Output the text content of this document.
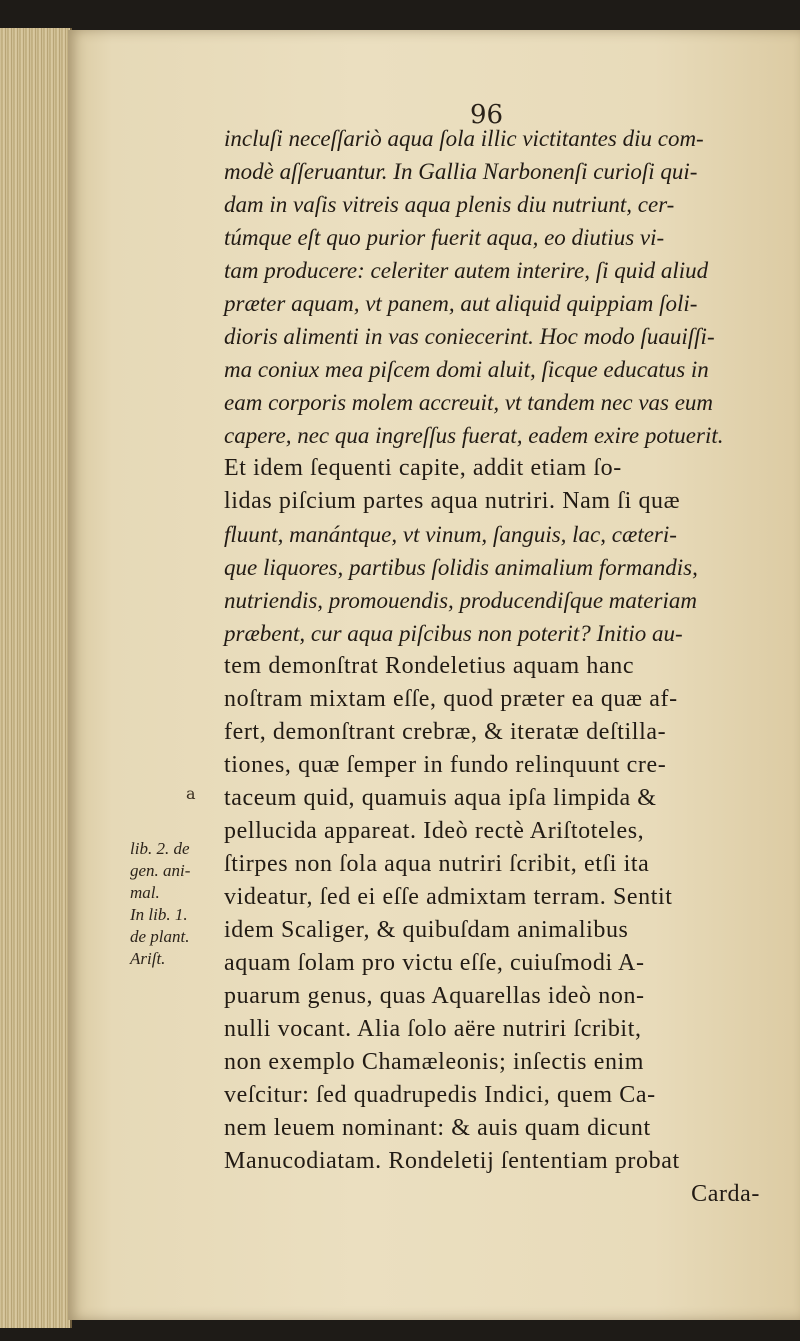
96
incluſi neceſſariò aqua ſola illic victitantes diu com-
modè aſſeruantur. In Gallia Narbonenſi curioſi qui-
dam in vaſis vitreis aqua plenis diu nutriunt, cer-
túmque eſt quo purior fuerit aqua, eo diutius vi-
tam producere: celeriter autem interire, ſi quid aliud
præter aquam, vt panem, aut aliquid quippiam ſoli-
dioris alimenti in vas coniecerint. Hoc modo ſuauiſſi-
ma coniux mea piſcem domi aluit, ſicque educatus in
eam corporis molem accreuit, vt tandem nec vas eum
capere, nec qua ingreſſus fuerat, eadem exire potuerit.
Et idem ſequenti capite, addit etiam ſo-
lidas piſcium partes aqua nutriri. Nam ſi quæ
fluunt, manántque, vt vinum, ſanguis, lac, cæteri-
que liquores, partibus ſolidis animalium formandis,
nutriendis, promouendis, producendiſque materiam
præbent, cur aqua piſcibus non poterit? Initio au-
tem demonſtrat Rondeletius aquam hanc
noſtram mixtam eſſe, quod præter ea quæ af-
fert, demonſtrant crebræ, & iteratæ deſtilla-
tiones, quæ ſemper in fundo relinquunt cre-
taceum quid, quamuis aqua ipſa limpida &
pellucida appareat. Ideò rectè Ariſtoteles,
ſtirpes non ſola aqua nutriri ſcribit, etſi ita
videatur, ſed ei eſſe admixtam terram. Sentit
idem Scaliger, & quibuſdam animalibus
aquam ſolam pro victu eſſe, cuiuſmodi A-
puarum genus, quas Aquarellas ideò non-
nulli vocant. Alia ſolo aëre nutriri ſcribit,
non exemplo Chamæleonis; inſectis enim
veſcitur: ſed quadrupedis Indici, quem Ca-
nem leuem nominant: & auis quam dicunt
Manucodiatam. Rondeletij ſententiam probat
Carda-
a
lib. 2. de
gen. ani-
mal.
In lib. 1.
de plant.
Ariſt.
